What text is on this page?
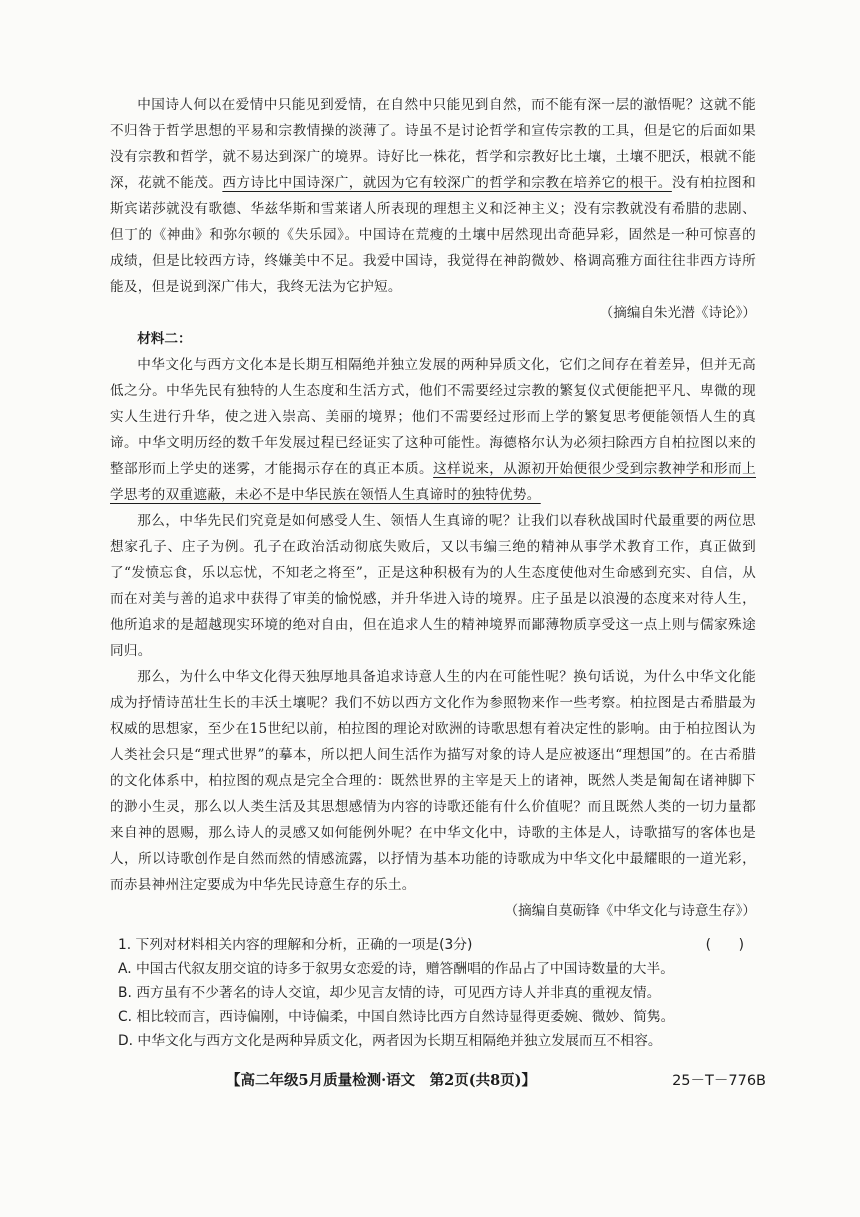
中国诗人何以在爱情中只能见到爱情，在自然中只能见到自然，而不能有深一层的澈悟呢？这就不能不归咎于哲学思想的平易和宗教情操的淡薄了。诗虽不是讨论哲学和宣传宗教的工具，但是它的后面如果没有宗教和哲学，就不易达到深广的境界。诗好比一株花，哲学和宗教好比土壤，土壤不肥沃，根就不能深，花就不能茂。西方诗比中国诗深广，就因为它有较深广的哲学和宗教在培养它的根干。没有柏拉图和斯宾诺莎就没有歌德、华兹华斯和雪莱诸人所表现的理想主义和泛神主义；没有宗教就没有希腊的悲剧、但丁的《神曲》和弥尔顿的《失乐园》。中国诗在荒瘦的土壤中居然现出奇葩异彩，固然是一种可惊喜的成绩，但是比较西方诗，终嫌美中不足。我爱中国诗，我觉得在神韵微妙、格调高雅方面往往非西方诗所能及，但是说到深广伟大，我终无法为它护短。

（摘编自朱光潜《诗论》）

材料二：

中华文化与西方文化本是长期互相隔绝并独立发展的两种异质文化，它们之间存在着差异，但并无高低之分。中华先民有独特的人生态度和生活方式，他们不需要经过宗教的繁复仪式便能把平凡、卑微的现实人生进行升华，使之进入崇高、美丽的境界；他们不需要经过形而上学的繁复思考便能领悟人生的真谛。中华文明历经的数千年发展过程已经证实了这种可能性。海德格尔认为必须扫除西方自柏拉图以来的整部形而上学史的迷雾，才能揭示存在的真正本质。这样说来，从源初开始便很少受到宗教神学和形而上学思考的双重遮蔽，未必不是中华民族在领悟人生真谛时的独特优势。

那么，中华先民们究竟是如何感受人生、领悟人生真谛的呢？让我们以春秋战国时代最重要的两位思想家孔子、庄子为例。孔子在政治活动彻底失败后，又以韦编三绝的精神从事学术教育工作，真正做到了“发愤忘食，乐以忘忧，不知老之将至”，正是这种积极有为的人生态度使他对生命感到充实、自信，从而在对美与善的追求中获得了审美的愉悦感，并升华进入诗的境界。庄子虽是以浪漫的态度来对待人生，他所追求的是超越现实环境的绝对自由，但在追求人生的精神境界而鄙薄物质享受这一点上则与儒家殊途同归。

那么，为什么中华文化得天独厚地具备追求诗意人生的内在可能性呢？换句话说，为什么中华文化能成为抒情诗茁壮生长的丰沃土壤呢？我们不妨以西方文化作为参照物来作一些考察。柏拉图是古希腊最为权威的思想家，至少在15世纪以前，柏拉图的理论对欧洲的诗歌思想有着决定性的影响。由于柏拉图认为人类社会只是“理式世界”的摹本，所以把人间生活作为描写对象的诗人是应被逐出“理想国”的。在古希腊的文化体系中，柏拉图的观点是完全合理的：既然世界的主宰是天上的诸神，既然人类是匍匐在诸神脚下的渺小生灵，那么以人类生活及其思想感情为内容的诗歌还能有什么价值呢？而且既然人类的一切力量都来自神的恩赐，那么诗人的灵感又如何能例外呢？在中华文化中，诗歌的主体是人，诗歌描写的客体也是人，所以诗歌创作是自然而然的情感流露，以抒情为基本功能的诗歌成为中华文化中最耀眼的一道光彩，而赤县神州注定要成为中华先民诗意生存的乐土。

（摘编自莫砺锋《中华文化与诗意生存》）

1. 下列对材料相关内容的理解和分析，正确的一项是(3分)	(　　)
A. 中国古代叙友朋交谊的诗多于叙男女恋爱的诗，赠答酬唱的作品占了中国诗数量的大半。
B. 西方虽有不少著名的诗人交谊，却少见言友情的诗，可见西方诗人并非真的重视友情。
C. 相比较而言，西诗偏刚，中诗偏柔，中国自然诗比西方自然诗显得更委婉、微妙、简隽。
D. 中华文化与西方文化是两种异质文化，两者因为长期互相隔绝并独立发展而互不相容。
【高二年级5月质量检测·语文　第2页(共8页)】	25－T－776B
